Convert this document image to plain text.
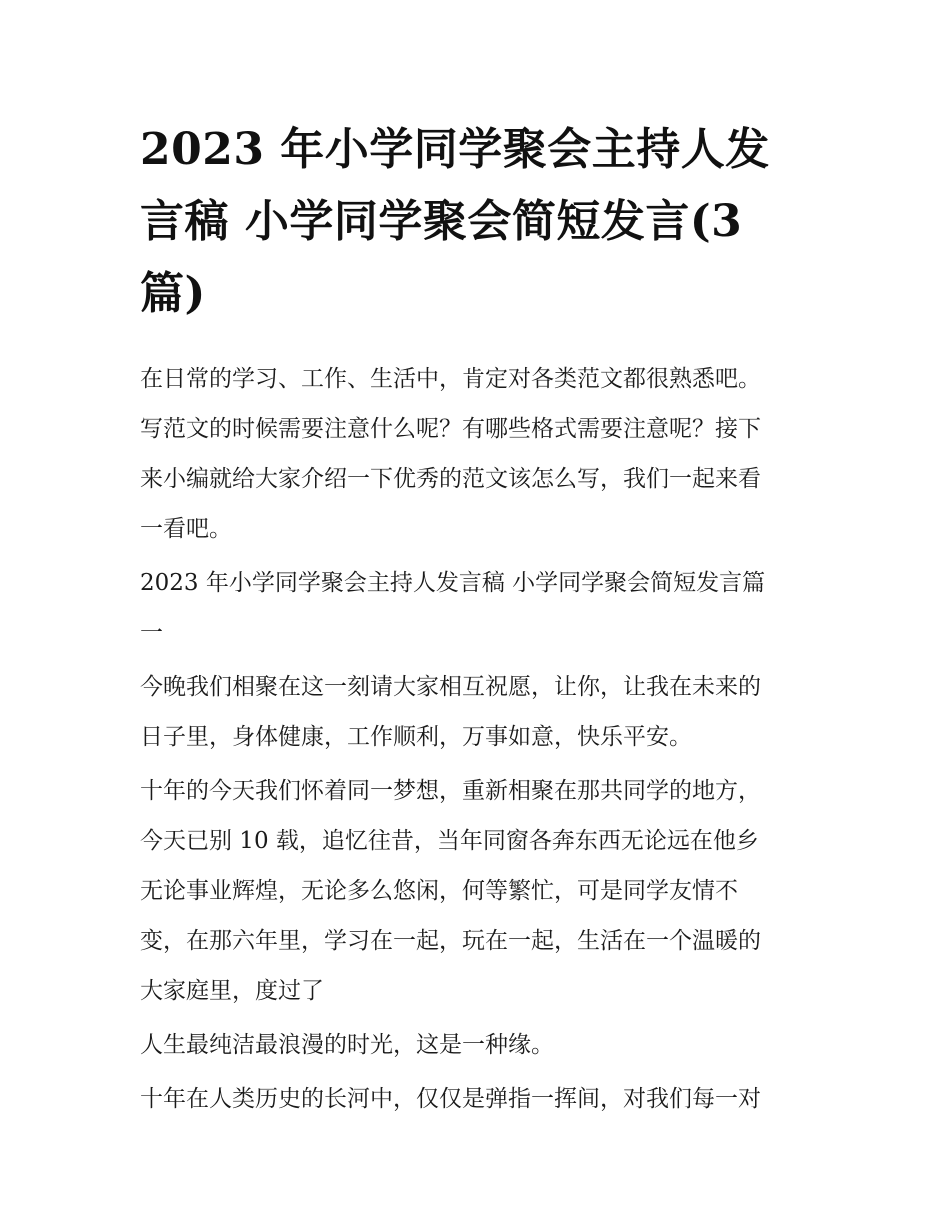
2023 年小学同学聚会主持人发
言稿 小学同学聚会简短发言(3
篇)

在日常的学习、工作、生活中，肯定对各类范文都很熟悉吧。
写范文的时候需要注意什么呢？有哪些格式需要注意呢？接下
来小编就给大家介绍一下优秀的范文该怎么写，我们一起来看
一看吧。

2023 年小学同学聚会主持人发言稿 小学同学聚会简短发言篇
一

今晚我们相聚在这一刻请大家相互祝愿，让你，让我在未来的
日子里，身体健康，工作顺利，万事如意，快乐平安。

十年的今天我们怀着同一梦想，重新相聚在那共同学的地方，
今天已别 10 载，追忆往昔，当年同窗各奔东西无论远在他乡
无论事业辉煌，无论多么悠闲，何等繁忙，可是同学友情不
变，在那六年里，学习在一起，玩在一起，生活在一个温暖的
大家庭里，度过了

人生最纯洁最浪漫的时光，这是一种缘。

十年在人类历史的长河中，仅仅是弹指一挥间，对我们每一对
